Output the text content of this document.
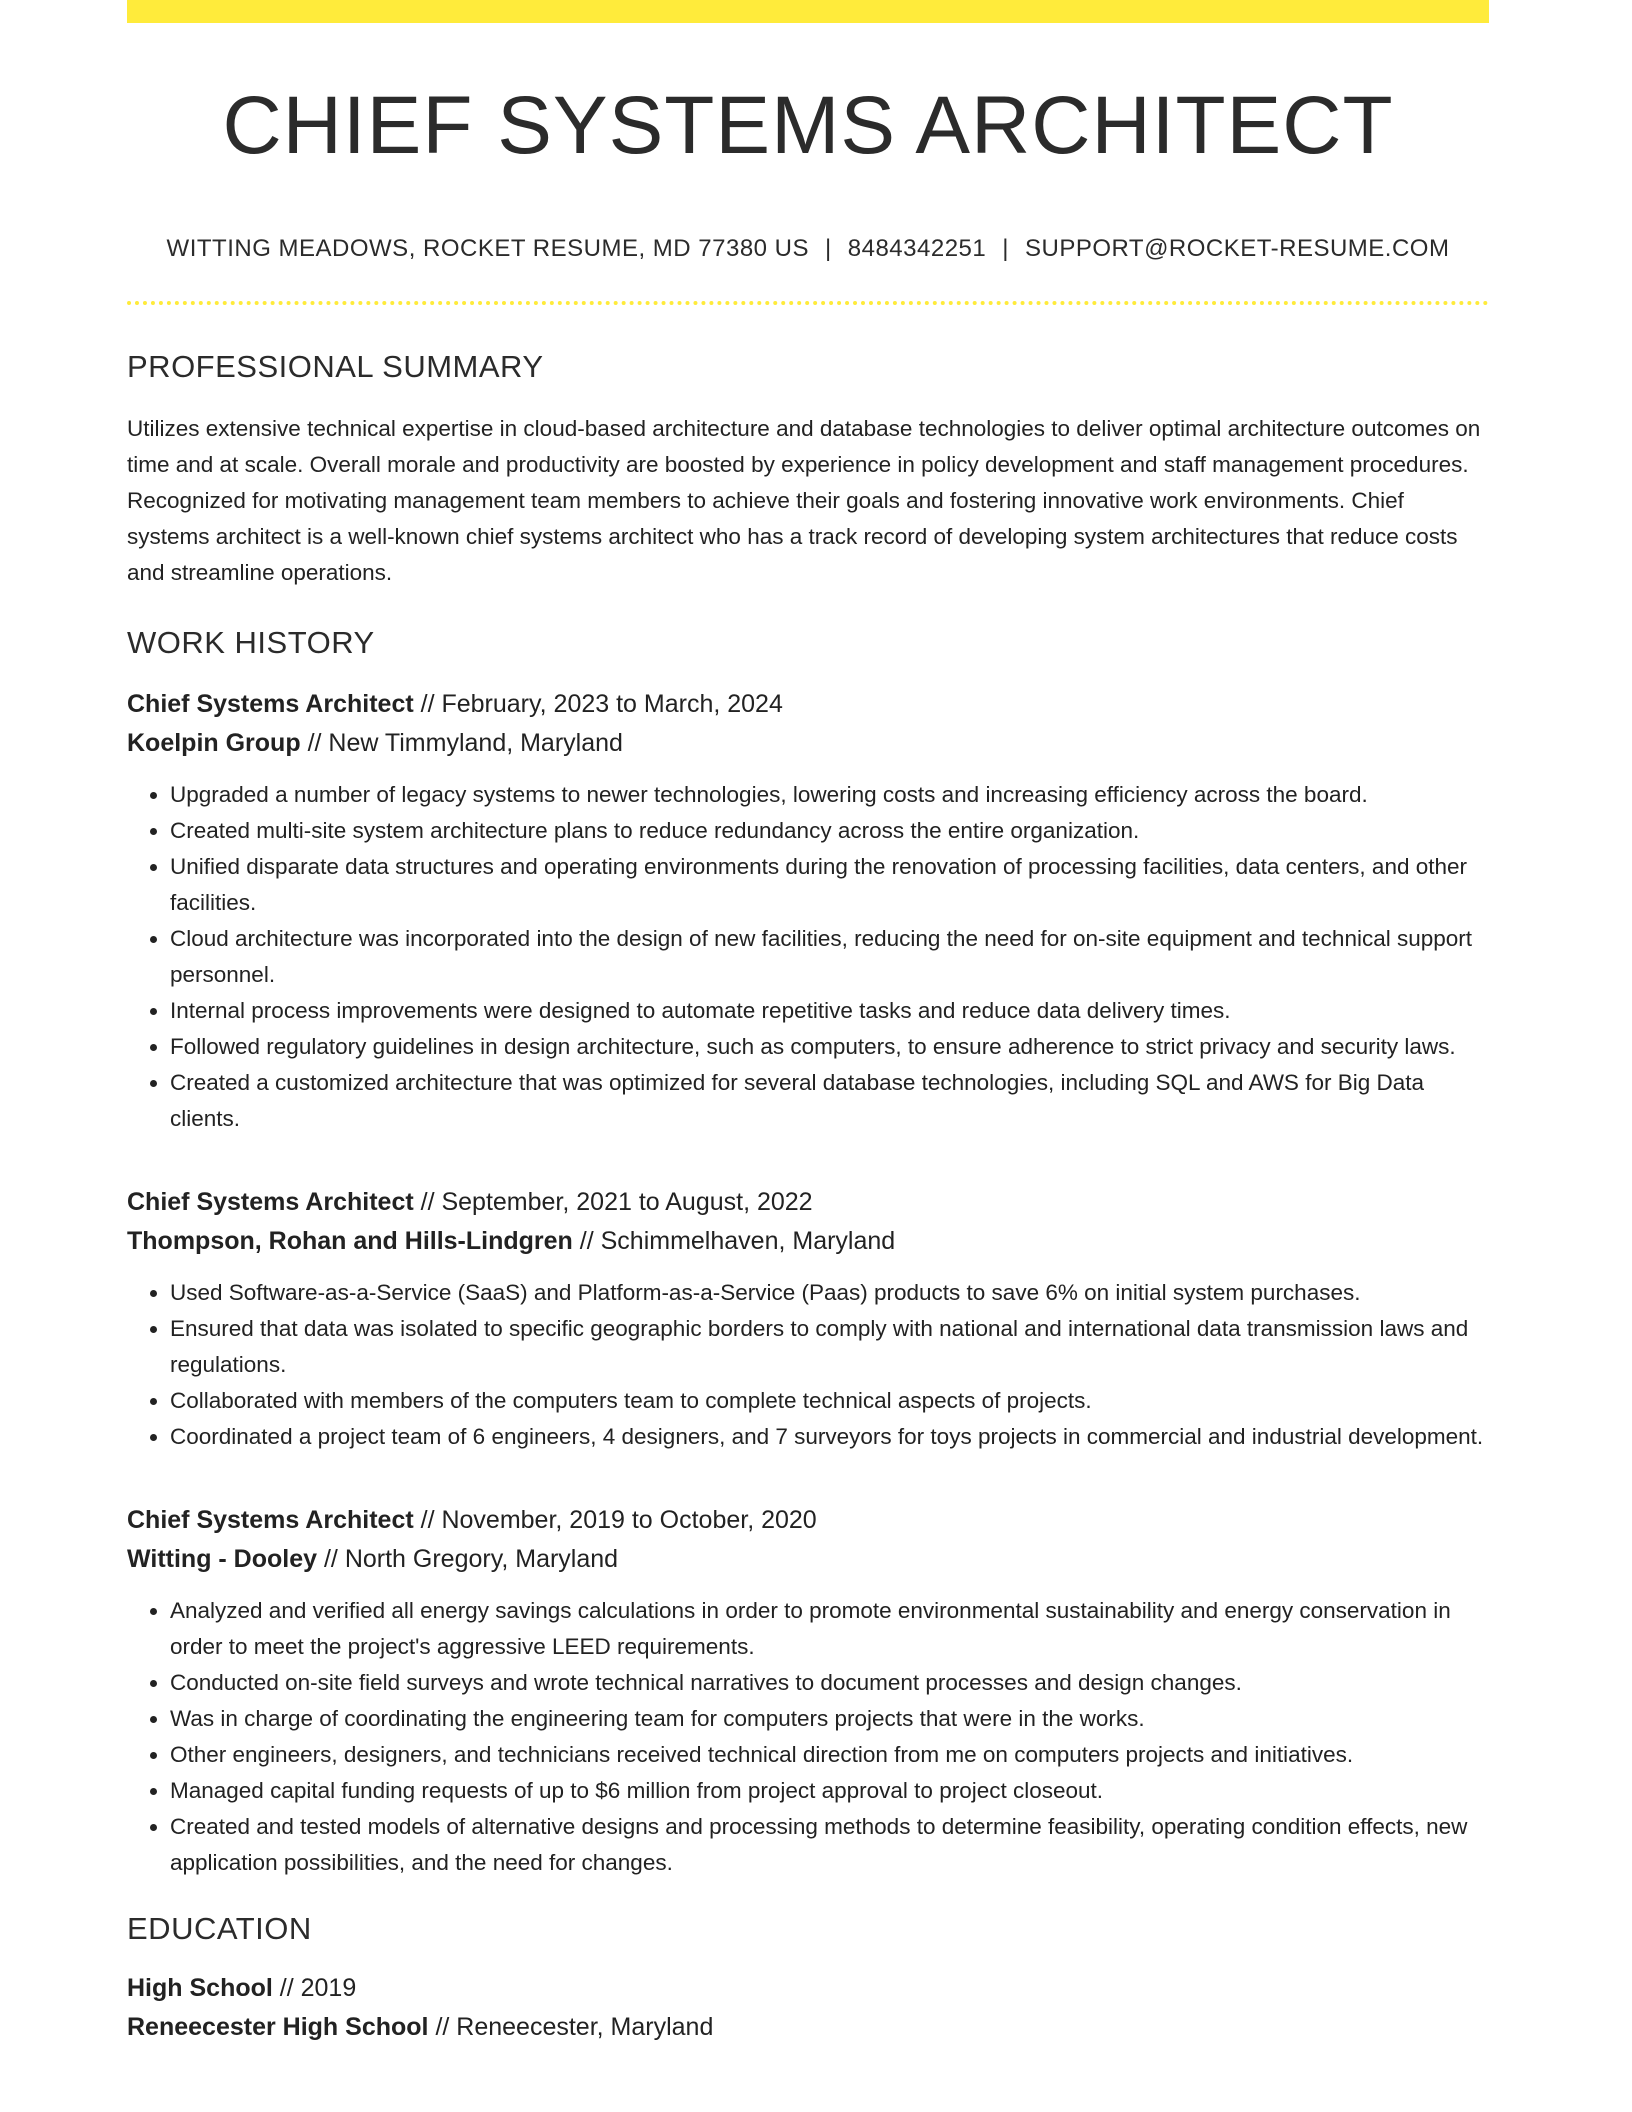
CHIEF SYSTEMS ARCHITECT
WITTING MEADOWS, ROCKET RESUME, MD 77380 US | 8484342251 | SUPPORT@ROCKET-RESUME.COM
PROFESSIONAL SUMMARY
Utilizes extensive technical expertise in cloud-based architecture and database technologies to deliver optimal architecture outcomes on time and at scale. Overall morale and productivity are boosted by experience in policy development and staff management procedures. Recognized for motivating management team members to achieve their goals and fostering innovative work environments. Chief systems architect is a well-known chief systems architect who has a track record of developing system architectures that reduce costs and streamline operations.
WORK HISTORY
Chief Systems Architect // February, 2023 to March, 2024
Koelpin Group // New Timmyland, Maryland
• Upgraded a number of legacy systems to newer technologies, lowering costs and increasing efficiency across the board.
• Created multi-site system architecture plans to reduce redundancy across the entire organization.
• Unified disparate data structures and operating environments during the renovation of processing facilities, data centers, and other facilities.
• Cloud architecture was incorporated into the design of new facilities, reducing the need for on-site equipment and technical support personnel.
• Internal process improvements were designed to automate repetitive tasks and reduce data delivery times.
• Followed regulatory guidelines in design architecture, such as computers, to ensure adherence to strict privacy and security laws.
• Created a customized architecture that was optimized for several database technologies, including SQL and AWS for Big Data clients.
Chief Systems Architect // September, 2021 to August, 2022
Thompson, Rohan and Hills-Lindgren // Schimmelhaven, Maryland
• Used Software-as-a-Service (SaaS) and Platform-as-a-Service (Paas) products to save 6% on initial system purchases.
• Ensured that data was isolated to specific geographic borders to comply with national and international data transmission laws and regulations.
• Collaborated with members of the computers team to complete technical aspects of projects.
• Coordinated a project team of 6 engineers, 4 designers, and 7 surveyors for toys projects in commercial and industrial development.
Chief Systems Architect // November, 2019 to October, 2020
Witting - Dooley // North Gregory, Maryland
• Analyzed and verified all energy savings calculations in order to promote environmental sustainability and energy conservation in order to meet the project's aggressive LEED requirements.
• Conducted on-site field surveys and wrote technical narratives to document processes and design changes.
• Was in charge of coordinating the engineering team for computers projects that were in the works.
• Other engineers, designers, and technicians received technical direction from me on computers projects and initiatives.
• Managed capital funding requests of up to $6 million from project approval to project closeout.
• Created and tested models of alternative designs and processing methods to determine feasibility, operating condition effects, new application possibilities, and the need for changes.
EDUCATION
High School // 2019
Reneecester High School // Reneecester, Maryland
